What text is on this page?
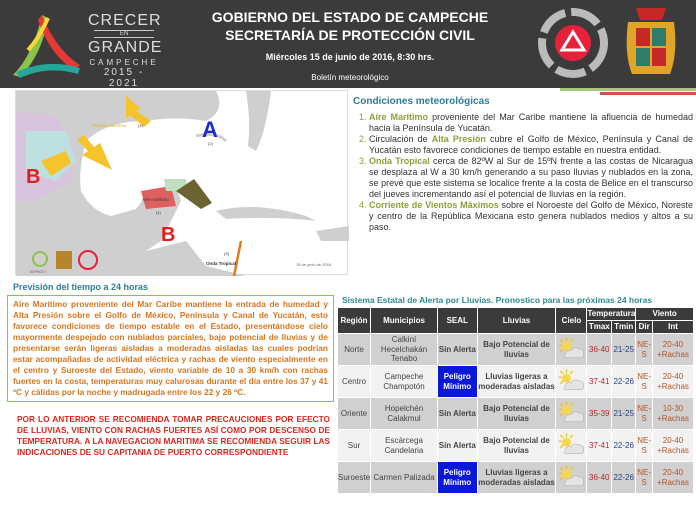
CRECER
EN
GRANDE
CAMPECHE
2015 - 2021
GOBIERNO DEL ESTADO DE CAMPECHE
SECRETARÍA DE PROTECCIÓN CIVIL
Miércoles 15 de junio de 2016, 8:30 hrs.
Boletín meteorológico
A
(2)
B
B
Vientos Máximos	(4)
Aire marítimo
(1)
Onda Tropical
(3)
15 de junio de 2016
SEPROCI
Condiciones meteorológicas
1. Aire Marítimo proveniente del Mar Caribe mantiene la afluencia de humedad hacia la Península de Yucatán.
2. Circulación de Alta Presión cubre el Golfo de México, Península y Canal de Yucatán esto favorece condiciones de tiempo estable en nuestra entidad.
3. Onda Tropical cerca de 82ºW al Sur de 15ºN frente a las costas de Nicaragua se desplaza al W a 30 km/h generando a su paso lluvias y nublados en la zona, se prevé que este sistema se localice frente a la costa de Belice en el transcurso del jueves incrementando así el potencial de lluvias en la región.
4. Corriente de Vientos Máximos sobre el Noroeste del Golfo de México, Noreste y centro de la República Mexicana esto genera nublados medios y altos a su paso.
Previsión del tiempo a 24 horas
Aire Marítimo proveniente del Mar Caribe mantiene la entrada de humedad y Alta Presión sobre el Golfo de México, Península y Canal de Yucatán, esto favorece condiciones de tiempo estable en el Estado, presentándose cielo mayormente despejado con nublados parciales, bajo potencial de lluvias y de presentarse serán ligeras aisladas a moderadas aisladas las cuales podrían estar acompañadas de actividad eléctrica y rachas de viento especialmente en el centro y Suroeste del Estado, viento variable de 10 a 30 km/h con rachas fuertes en la costa, temperaturas muy calurosas durante el día entre los 37 y 41 ºC y cálidas por la noche y madrugada entre los 22 y 26 ºC.
POR LO ANTERIOR SE RECOMIENDA TOMAR PRECAUCIONES POR EFECTO DE LLUVIAS, VIENTO CON RACHAS FUERTES ASÍ COMO POR DESCENSO DE TEMPERATURA. A LA NAVEGACION MARITIMA SE RECOMIENDA SEGUIR LAS INDICACIONES DE SU CAPITANIA DE PUERTO CORRESPONDIENTE
Sistema Estatal de Alerta por Lluvias. Pronostico para las próximas 24 horas
Región	Municipios	SEAL	Lluvias	Cielo	Temperatura		Viento	
					Tmax	Tmin	Dir	Int
Norte	Calkiní Hecelchakán Tenabo	Sin Alerta	Bajo Potencial de lluvias		36-40	21-25	NE-S	20-40 +Rachas
Centro	Campeche Champotón	Peligro Mínimo	Lluvias ligeras a moderadas aisladas		37-41	22-26	NE-S	20-40 +Rachas
Oriente	Hopelchén Calakmul	Sin Alerta	Bajo Potencial de lluvias		35-39	21-25	NE-S	10-30 +Rachas
Sur	Escárcega Candelaria	Sin Alerta	Bajo Potencial de lluvias		37-41	22-26	NE-S	20-40 +Rachas
Suroeste	Carmen Palizada	Peligro Mínimo	Lluvias ligeras a moderadas aisladas		36-40	22-26	NE-S	20-40 +Rachas
